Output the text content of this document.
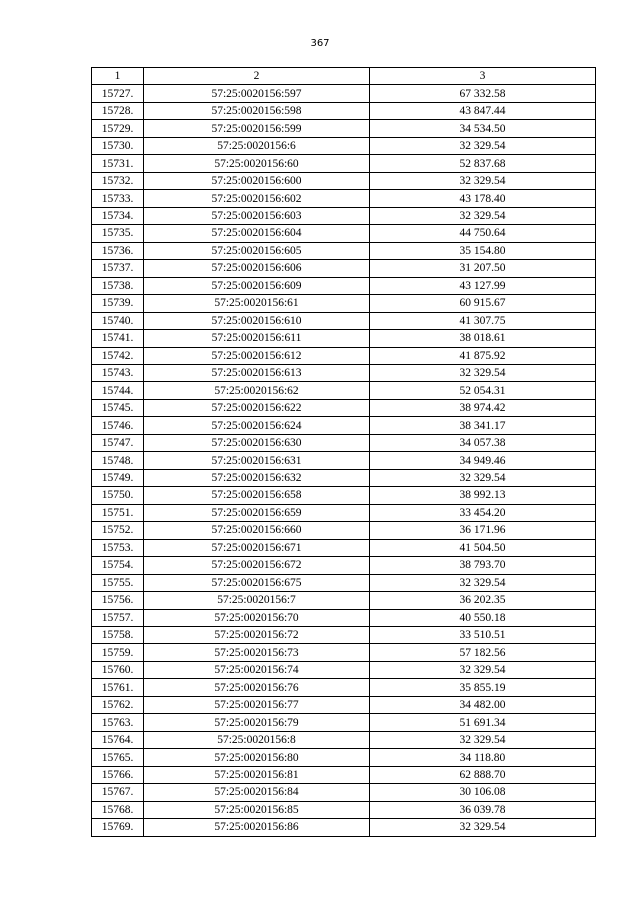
367
1	2	3
15727.	57:25:0020156:597	67 332.58
15728.	57:25:0020156:598	43 847.44
15729.	57:25:0020156:599	34 534.50
15730.	57:25:0020156:6	32 329.54
15731.	57:25:0020156:60	52 837.68
15732.	57:25:0020156:600	32 329.54
15733.	57:25:0020156:602	43 178.40
15734.	57:25:0020156:603	32 329.54
15735.	57:25:0020156:604	44 750.64
15736.	57:25:0020156:605	35 154.80
15737.	57:25:0020156:606	31 207.50
15738.	57:25:0020156:609	43 127.99
15739.	57:25:0020156:61	60 915.67
15740.	57:25:0020156:610	41 307.75
15741.	57:25:0020156:611	38 018.61
15742.	57:25:0020156:612	41 875.92
15743.	57:25:0020156:613	32 329.54
15744.	57:25:0020156:62	52 054.31
15745.	57:25:0020156:622	38 974.42
15746.	57:25:0020156:624	38 341.17
15747.	57:25:0020156:630	34 057.38
15748.	57:25:0020156:631	34 949.46
15749.	57:25:0020156:632	32 329.54
15750.	57:25:0020156:658	38 992.13
15751.	57:25:0020156:659	33 454.20
15752.	57:25:0020156:660	36 171.96
15753.	57:25:0020156:671	41 504.50
15754.	57:25:0020156:672	38 793.70
15755.	57:25:0020156:675	32 329.54
15756.	57:25:0020156:7	36 202.35
15757.	57:25:0020156:70	40 550.18
15758.	57:25:0020156:72	33 510.51
15759.	57:25:0020156:73	57 182.56
15760.	57:25:0020156:74	32 329.54
15761.	57:25:0020156:76	35 855.19
15762.	57:25:0020156:77	34 482.00
15763.	57:25:0020156:79	51 691.34
15764.	57:25:0020156:8	32 329.54
15765.	57:25:0020156:80	34 118.80
15766.	57:25:0020156:81	62 888.70
15767.	57:25:0020156:84	30 106.08
15768.	57:25:0020156:85	36 039.78
15769.	57:25:0020156:86	32 329.54
